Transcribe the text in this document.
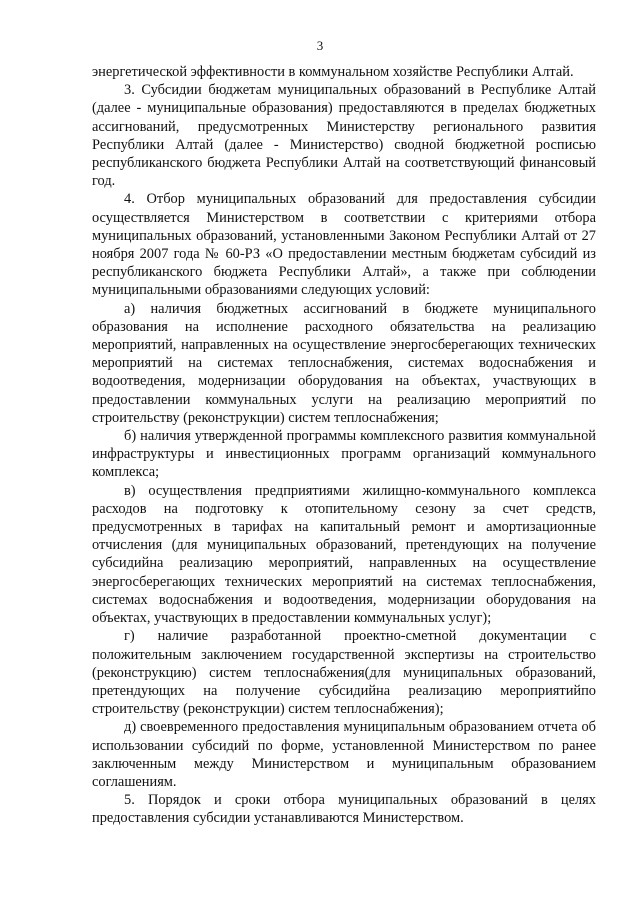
3

энергетической эффективности в коммунальном хозяйстве Республики Алтай.

3. Субсидии бюджетам муниципальных образований в Республике Алтай (далее - муниципальные образования) предоставляются в пределах бюджетных ассигнований, предусмотренных Министерству регионального развития Республики Алтай (далее - Министерство) сводной бюджетной росписью республиканского бюджета Республики Алтай на соответствующий финансовый год.

4. Отбор муниципальных образований для предоставления субсидии осуществляется Министерством в соответствии с критериями отбора муниципальных образований, установленными Законом Республики Алтай от 27 ноября 2007 года № 60-РЗ «О предоставлении местным бюджетам субсидий из республиканского бюджета Республики Алтай», а также при соблюдении муниципальными образованиями следующих условий:

а) наличия бюджетных ассигнований в бюджете муниципального образования на исполнение расходного обязательства на реализацию мероприятий, направленных на осуществление энергосберегающих технических мероприятий на системах теплоснабжения, системах водоснабжения и водоотведения, модернизации оборудования на объектах, участвующих в предоставлении коммунальных услуги на реализацию мероприятий по строительству (реконструкции) систем теплоснабжения;

б) наличия утвержденной программы комплексного развития коммунальной инфраструктуры и инвестиционных программ организаций коммунального комплекса;

в) осуществления предприятиями жилищно-коммунального комплекса расходов на подготовку к отопительному сезону за счет средств, предусмотренных в тарифах на капитальный ремонт и амортизационные отчисления (для муниципальных образований, претендующих на получение субсидийна реализацию мероприятий, направленных на осуществление энергосберегающих технических мероприятий на системах теплоснабжения, системах водоснабжения и водоотведения, модернизации оборудования на объектах, участвующих в предоставлении коммунальных услуг);

г) наличие разработанной проектно-сметной документации с положительным заключением государственной экспертизы на строительство (реконструкцию) систем теплоснабжения(для муниципальных образований, претендующих на получение субсидийна реализацию мероприятийпо строительству (реконструкции) систем теплоснабжения);

д) своевременного предоставления муниципальным образованием отчета об использовании субсидий по форме, установленной Министерством по ранее заключенным между Министерством и муниципальным образованием соглашениям.

5. Порядок и сроки отбора муниципальных образований в целях предоставления субсидии устанавливаются Министерством.
